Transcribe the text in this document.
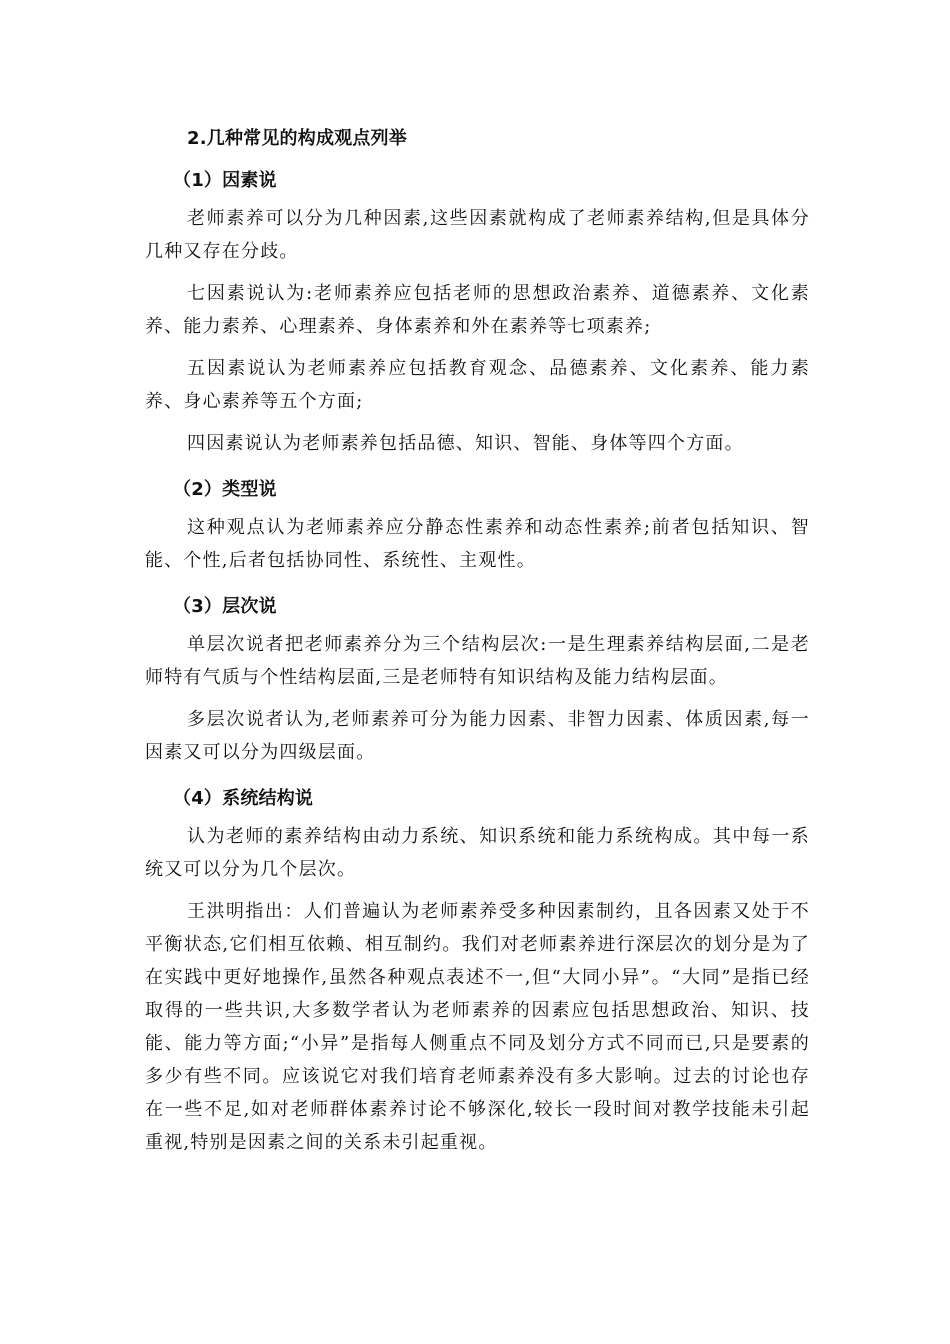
2.几种常见的构成观点列举
（1）因素说

老师素养可以分为几种因素,这些因素就构成了老师素养结构,但是具体分几种又存在分歧。

七因素说认为:老师素养应包括老师的思想政治素养、道德素养、文化素养、能力素养、心理素养、身体素养和外在素养等七项素养;

五因素说认为老师素养应包括教育观念、品德素养、文化素养、能力素养、身心素养等五个方面;

四因素说认为老师素养包括品德、知识、智能、身体等四个方面。

（2）类型说

这种观点认为老师素养应分静态性素养和动态性素养;前者包括知识、智能、个性,后者包括协同性、系统性、主观性。

（3）层次说

单层次说者把老师素养分为三个结构层次:一是生理素养结构层面,二是老师特有气质与个性结构层面,三是老师特有知识结构及能力结构层面。

多层次说者认为,老师素养可分为能力因素、非智力因素、体质因素,每一因素又可以分为四级层面。

（4）系统结构说

认为老师的素养结构由动力系统、知识系统和能力系统构成。其中每一系统又可以分为几个层次。

王洪明指出：人们普遍认为老师素养受多种因素制约，且各因素又处于不平衡状态,它们相互依赖、相互制约。我们对老师素养进行深层次的划分是为了在实践中更好地操作,虽然各种观点表述不一,但“大同小异”。“大同”是指已经取得的一些共识,大多数学者认为老师素养的因素应包括思想政治、知识、技能、能力等方面;“小异”是指每人侧重点不同及划分方式不同而已,只是要素的多少有些不同。应该说它对我们培育老师素养没有多大影响。过去的讨论也存在一些不足,如对老师群体素养讨论不够深化,较长一段时间对教学技能未引起重视,特别是因素之间的关系未引起重视。
